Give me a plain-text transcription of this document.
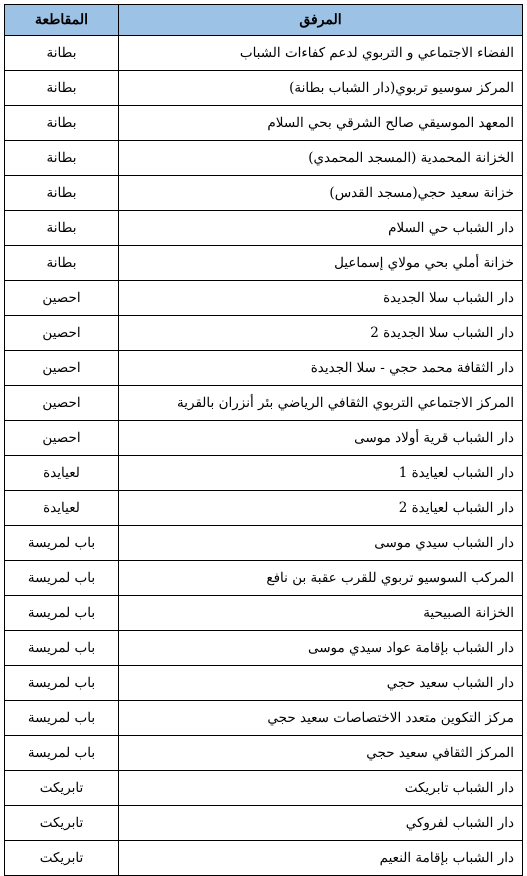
المرفق	المقاطعة
الفضاء الاجتماعي و التربوي لدعم كفاءات الشباب	بطانة
المركز سوسيو تربوي(دار الشباب بطانة)	بطانة
المعهد الموسيقي صالح الشرقي بحي السلام	بطانة
الخزانة المحمدية (المسجد المحمدي)	بطانة
خزانة سعيد حجي(مسجد القدس)	بطانة
دار الشباب حي السلام	بطانة
خزانة أملي بحي مولاي إسماعيل	بطانة
دار الشباب سلا الجديدة	احصين
دار الشباب سلا الجديدة 2	احصين
دار الثقافة محمد حجي - سلا الجديدة	احصين
المركز الاجتماعي التربوي الثقافي الرياضي بئر أنزران بالقرية	احصين
دار الشباب قرية أولاد موسى	احصين
دار الشباب لعيايدة 1	لعيايدة
دار الشباب لعيايدة 2	لعيايدة
دار الشباب سيدي موسى	باب لمريسة
المركب السوسيو تربوي للقرب عقبة بن نافع	باب لمريسة
الخزانة الصبيحية	باب لمريسة
دار الشباب بإقامة عواد سيدي موسى	باب لمريسة
دار الشباب سعيد حجي	باب لمريسة
مركز التكوين متعدد الاختصاصات سعيد حجي	باب لمريسة
المركز الثقافي سعيد حجي	باب لمريسة
دار الشباب تابريكت	تابريكت
دار الشباب لفروكي	تابريكت
دار الشباب بإقامة النعيم	تابريكت
